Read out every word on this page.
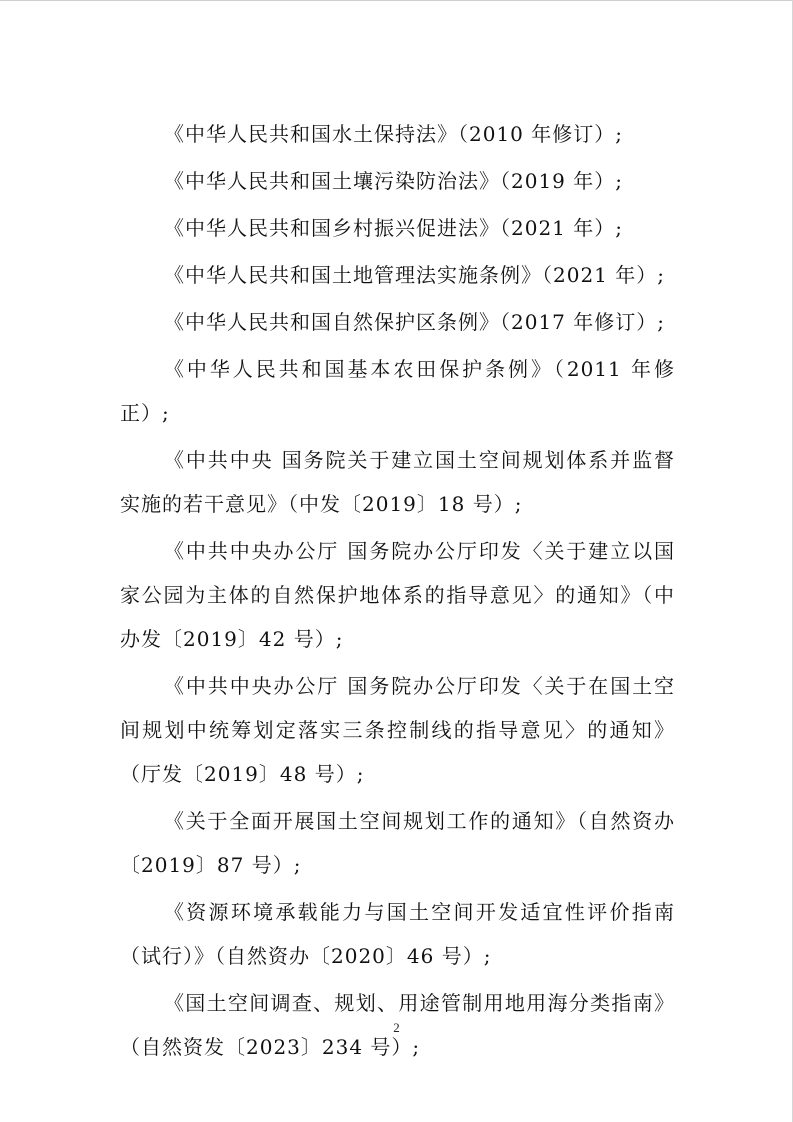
《中华人民共和国水土保持法》（2010 年修订）;

《中华人民共和国土壤污染防治法》（2019 年）;

《中华人民共和国乡村振兴促进法》（2021 年）;

《中华人民共和国土地管理法实施条例》（2021 年）;

《中华人民共和国自然保护区条例》（2017 年修订）;

《中华人民共和国基本农田保护条例》（2011 年修正）;

《中共中央 国务院关于建立国土空间规划体系并监督实施的若干意见》（中发〔2019〕18 号）;

《中共中央办公厅 国务院办公厅印发〈关于建立以国家公园为主体的自然保护地体系的指导意见〉的通知》（中办发〔2019〕42 号）;

《中共中央办公厅 国务院办公厅印发〈关于在国土空间规划中统筹划定落实三条控制线的指导意见〉的通知》（厅发〔2019〕48 号）;

《关于全面开展国土空间规划工作的通知》（自然资办〔2019〕87 号）;

《资源环境承载能力与国土空间开发适宜性评价指南（试行）》（自然资办〔2020〕46 号）;

《国土空间调查、规划、用途管制用地用海分类指南》（自然资发〔2023〕234 号）;

2
